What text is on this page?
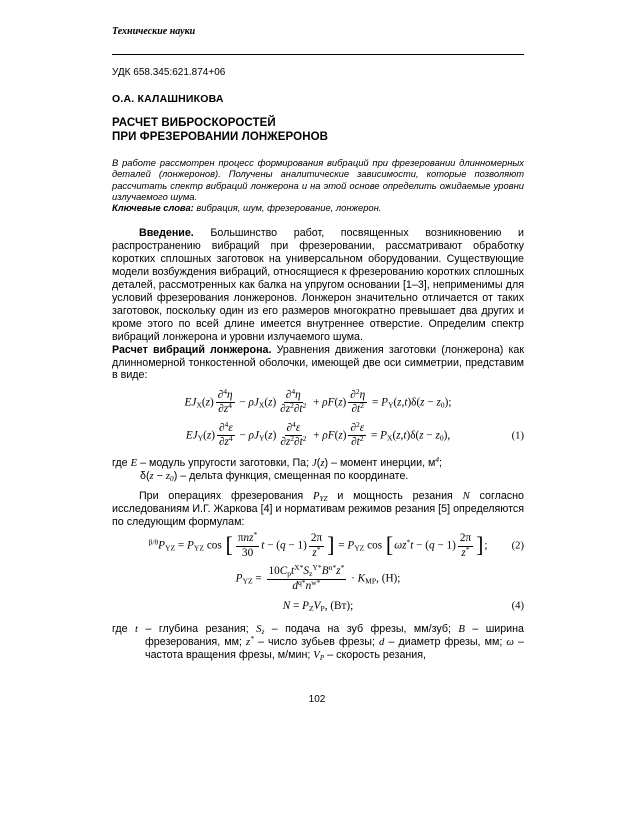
Технические науки
УДК 658.345:621.874+06
О.А. КАЛАШНИКОВА
РАСЧЕТ ВИБРОСКОРОСТЕЙ
ПРИ ФРЕЗЕРОВАНИИ ЛОНЖЕРОНОВ

В работе рассмотрен процесс формирования вибраций при фрезеровании длинномерных деталей (лонжеронов). Получены аналитические зависимости, которые позволяют рассчитать спектр вибраций лонжерона и на этой основе определить ожидаемые уровни излучаемого шума.

Ключевые слова: вибрация, шум, фрезерование, лонжерон.

Введение. Большинство работ, посвященных возникновению и распространению вибраций при фрезеровании, рассматривают обработку коротких сплошных заготовок на универсальном оборудовании. Существующие модели возбуждения вибраций, относящиеся к фрезерованию коротких сплошных деталей, рассмотренных как балка на упругом основании [1–3], неприменимы для условий фрезерования лонжеронов. Лонжерон значительно отличается от таких заготовок, поскольку один из его размеров многократно превышает два других и кроме этого по всей длине имеется внутреннее отверстие. Определим спектр вибраций лонжерона и уровни излучаемого шума.

Расчет вибраций лонжерона. Уравнения движения заготовки (лонжерона) как длинномерной тонкостенной оболочки, имеющей две оси симметрии, представим в виде:

$EJ_X(z) \frac{\partial^4\eta}{\partial z^4} - \rho J_X(z) \frac{\partial^4\eta}{\partial z^2\partial t^2} + \rho F(z) \frac{\partial^2\eta}{\partial t^2} = P_Y(z,t)\delta(z - z_0)$;
$EJ_Y(z) \frac{\partial^4\varepsilon}{\partial z^4} - \rho J_Y(z) \frac{\partial^4\varepsilon}{\partial z^2\partial t^2} + \rho F(z) \frac{\partial^2\varepsilon}{\partial t^2} = P_X(z,t)\delta(z - z_0)$,	(1)

где E – модуль упругости заготовки, Па; J(z) – момент инерции, $м^4$;

$\delta(z - z_0)$ – дельта функция, смещенная по координате.

При операциях фрезерования $P_{YZ}$ и мощность резания N согласно исследованиям И.Г. Жаркова [4] и нормативам режимов резания [5] определяются по следующим формулам:

$^{\beta/\theta}P_{YZ} = P_{YZ}$ cos [ $\frac{\pi nz^*}{30}$ $t - (q - 1) \frac{2\pi}{z^*}$ ] = $P_{YZ}$ $\cos [\omega z^*t - (q - 1) \frac{2\pi}{z^*}$ ]; (2)
$P_{YZ} = \frac{10C_pt^{X*}S_z^{Y*}B^{n*}z^*}{d^{q*}n^{w*}} \cdot K_{MP}$, (Н);
$N = P_ZV_P$, (Вт);	(4)

где t – глубина резания; $S_z$ – подача на зуб фрезы, мм/зуб; B – ширина фрезерования, мм; z* – число зубьев фрезы; d – диаметр фрезы, мм; ω – частота вращения фрезы, м/мин; $V_P$ – скорость резания,

102
